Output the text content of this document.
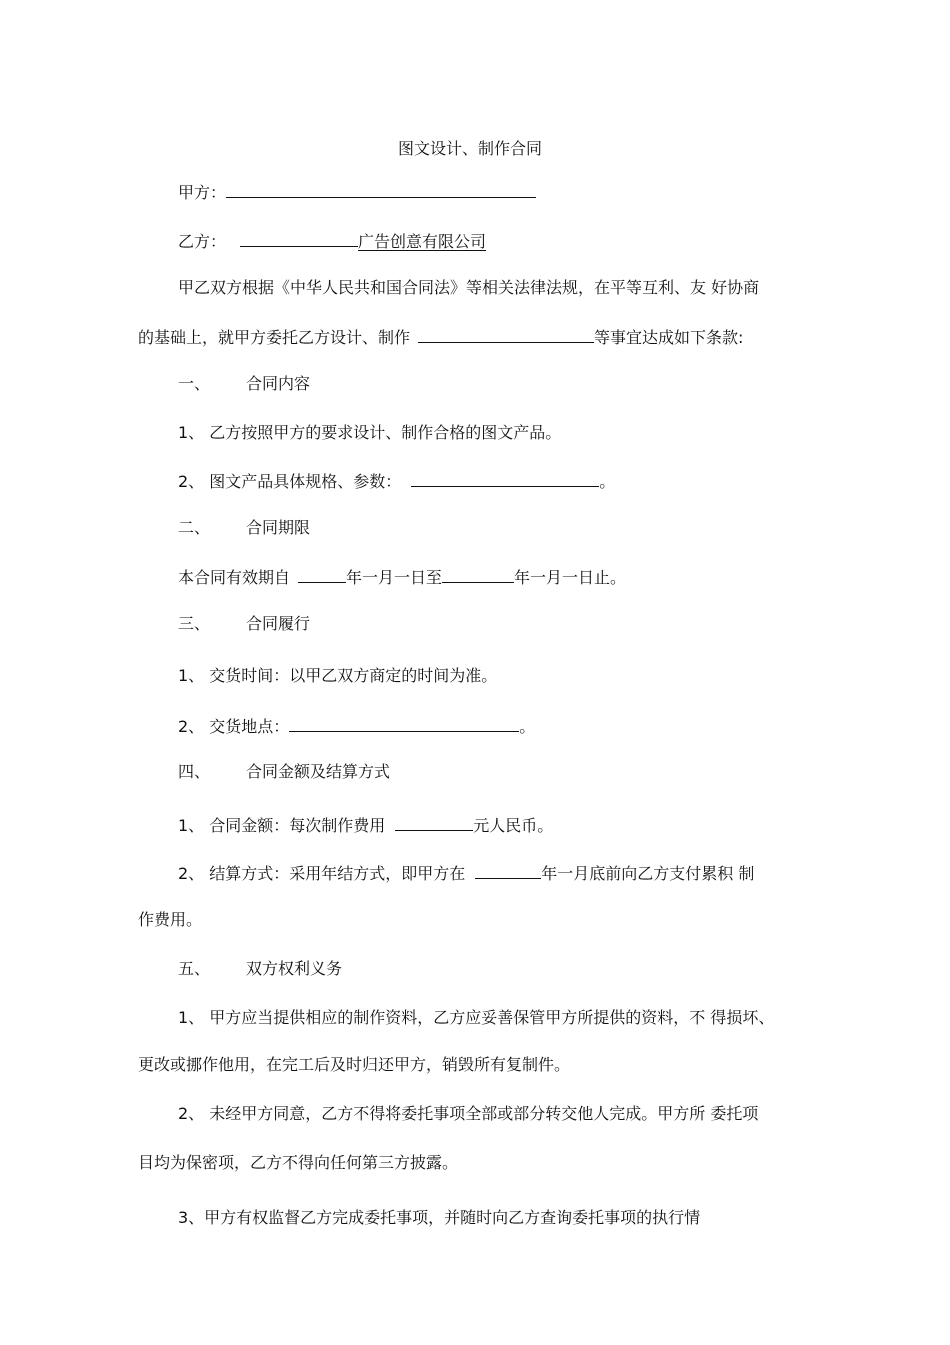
图文设计、制作合同
甲方：
乙方：	广告创意有限公司
甲乙双方根据《中华人民共和国合同法》等相关法律法规，在平等互利、友 好协商
的基础上，就甲方委托乙方设计、制作	等事宜达成如下条款:
一、 合同内容
1、 乙方按照甲方的要求设计、制作合格的图文产品。
2、 图文产品具体规格、参数：	。
二、 合同期限
本合同有效期自	年一月一日至	年一月一日止。
三、 合同履行
1、 交货时间：以甲乙双方商定的时间为准。
2、 交货地点：	。
四、 合同金额及结算方式
1、 合同金额：每次制作费用	元人民币。
2、 结算方式：采用年结方式，即甲方在	年一月底前向乙方支付累积 制
作费用。
五、 双方权利义务
1、 甲方应当提供相应的制作资料，乙方应妥善保管甲方所提供的资料，不 得损坏、
更改或挪作他用，在完工后及时归还甲方，销毁所有复制件。
2、 未经甲方同意，乙方不得将委托事项全部或部分转交他人完成。甲方所 委托项
目均为保密项，乙方不得向任何第三方披露。
3、甲方有权监督乙方完成委托事项，并随时向乙方查询委托事项的执行情
